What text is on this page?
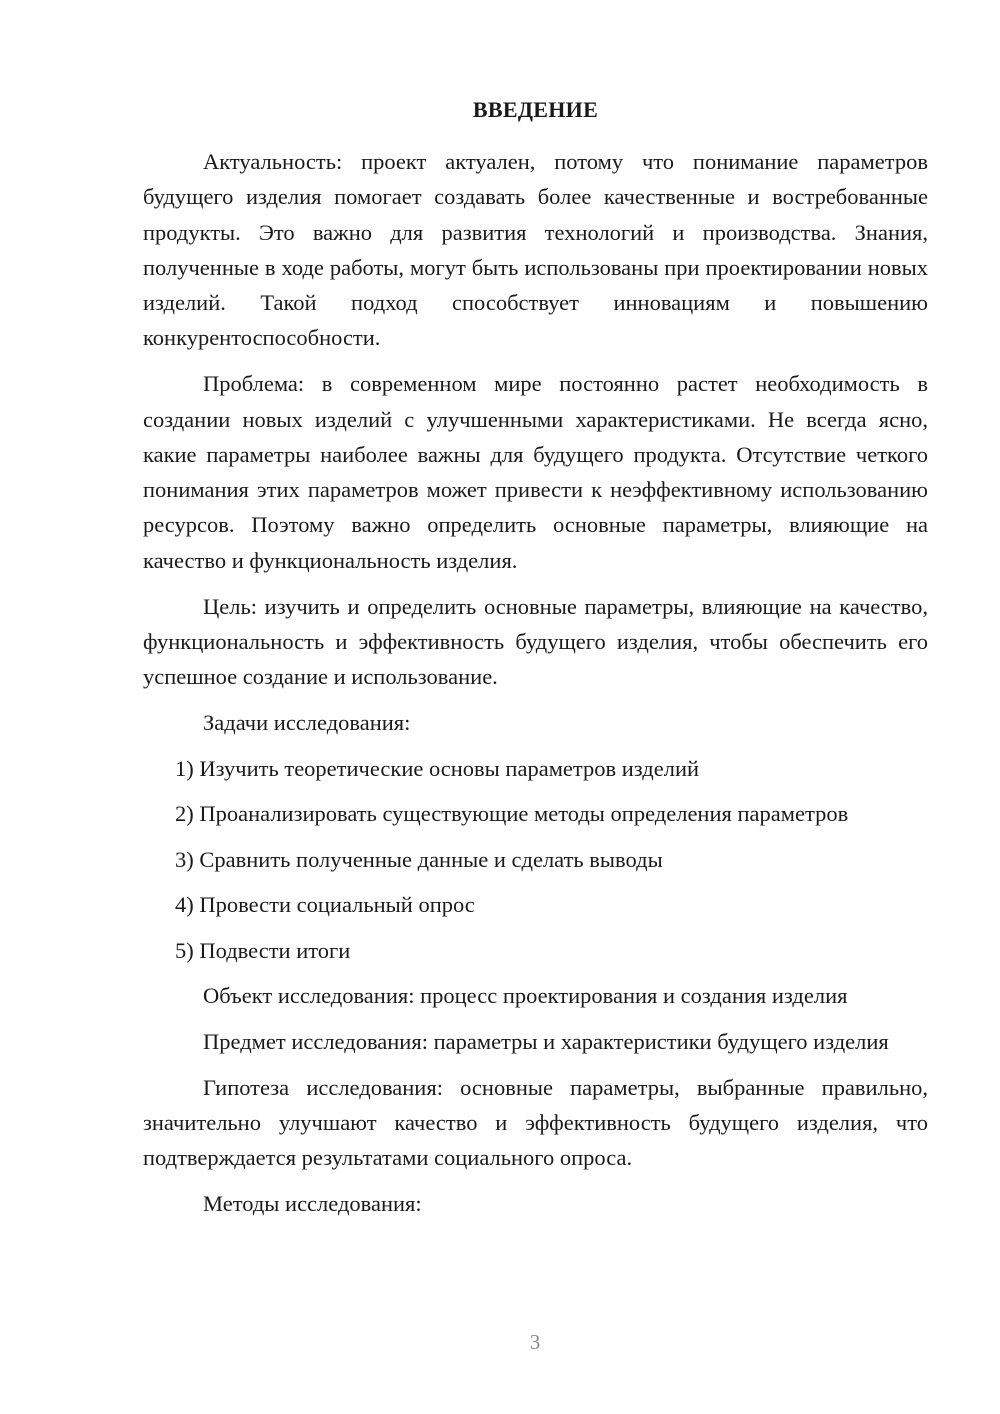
ВВЕДЕНИЕ

Актуальность: проект актуален, потому что понимание параметров будущего изделия помогает создавать более качественные и востребованные продукты. Это важно для развития технологий и производства. Знания, полученные в ходе работы, могут быть использованы при проектировании новых изделий. Такой подход способствует инновациям и повышению конкурентоспособности.

Проблема: в современном мире постоянно растет необходимость в создании новых изделий с улучшенными характеристиками. Не всегда ясно, какие параметры наиболее важны для будущего продукта. Отсутствие четкого понимания этих параметров может привести к неэффективному использованию ресурсов. Поэтому важно определить основные параметры, влияющие на качество и функциональность изделия.

Цель: изучить и определить основные параметры, влияющие на качество, функциональность и эффективность будущего изделия, чтобы обеспечить его успешное создание и использование.

Задачи исследования:

1) Изучить теоретические основы параметров изделий

2) Проанализировать существующие методы определения параметров

3) Сравнить полученные данные и сделать выводы

4) Провести социальный опрос

5) Подвести итоги

Объект исследования: процесс проектирования и создания изделия

Предмет исследования: параметры и характеристики будущего изделия

Гипотеза исследования: основные параметры, выбранные правильно, значительно улучшают качество и эффективность будущего изделия, что подтверждается результатами социального опроса.

Методы исследования:

3
